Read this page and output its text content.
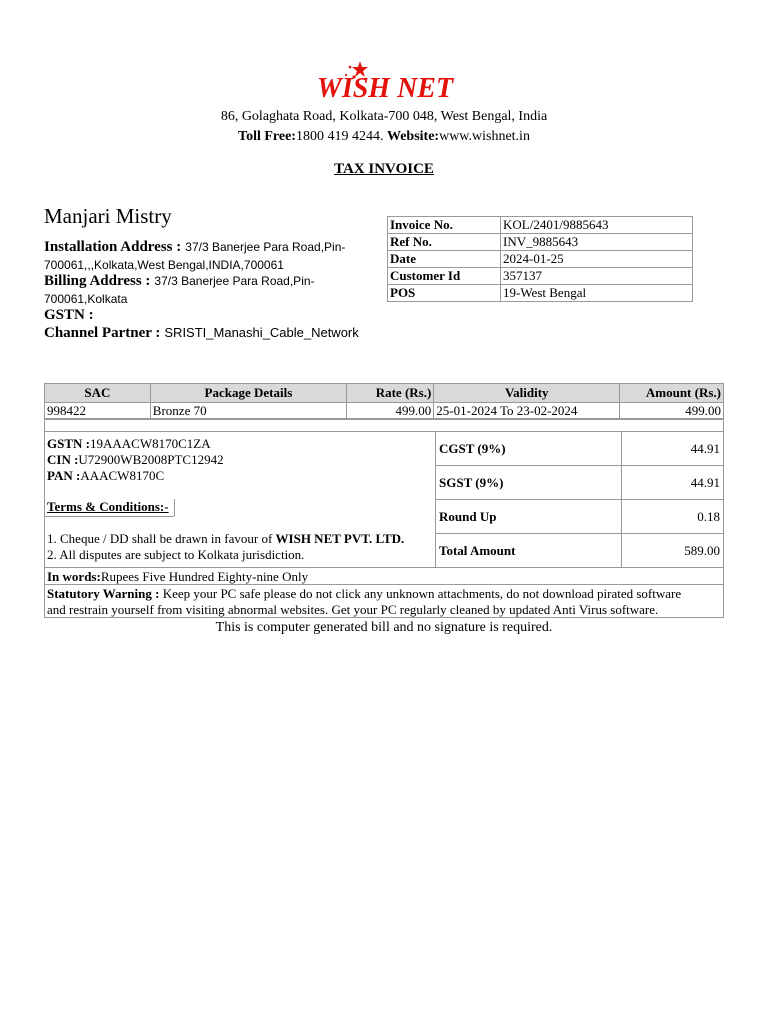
WISH NET
86, Golaghata Road, Kolkata-700 048, West Bengal, India
Toll Free:1800 419 4244. Website:www.wishnet.in
TAX INVOICE
Manjari Mistry
Installation Address : 37/3 Banerjee Para Road,Pin-
700061,,,Kolkata,West Bengal,INDIA,700061
Billing Address : 37/3 Banerjee Para Road,Pin-
700061,Kolkata
GSTN :
Channel Partner : SRISTI_Manashi_Cable_Network
Invoice No.	KOL/2401/9885643
Ref No.	INV_9885643
Date	2024-01-25
Customer Id	357137
POS	19-West Bengal
SAC	Package Details	Rate (Rs.)	Validity	Amount (Rs.)
998422	Bronze 70	499.00	25-01-2024 To 23-02-2024	499.00
GSTN :19AAACW8170C1ZA
CIN :U72900WB2008PTC12942
PAN :AAACW8170C
Terms & Conditions:-
1. Cheque / DD shall be drawn in favour of WISH NET PVT. LTD.
2. All disputes are subject to Kolkata jurisdiction.
CGST (9%)	44.91
SGST (9%)	44.91
Round Up	0.18
Total Amount	589.00
In words:Rupees Five Hundred Eighty-nine Only
Statutory Warning : Keep your PC safe please do not click any unknown attachments, do not download pirated software
and restrain yourself from visiting abnormal websites. Get your PC regularly cleaned by updated Anti Virus software.
This is computer generated bill and no signature is required.
